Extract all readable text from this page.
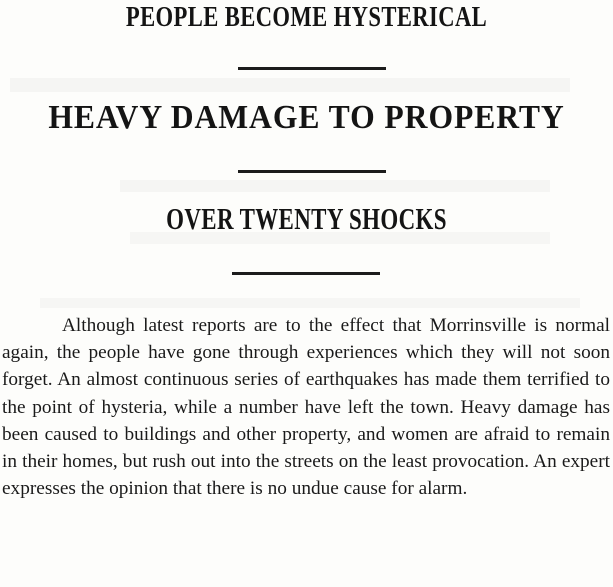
PEOPLE BECOME HYSTERICAL
HEAVY DAMAGE TO PROPERTY
OVER TWENTY SHOCKS

Although latest reports are to the effect that Morrinsville is normal again, the people have gone through experiences which they will not soon forget. An almost continuous series of earthquakes has made them terrified to the point of hysteria, while a number have left the town. Heavy damage has been caused to buildings and other property, and women are afraid to remain in their homes, but rush out into the streets on the least provocation. An expert expresses the opinion that there is no undue cause for alarm.
